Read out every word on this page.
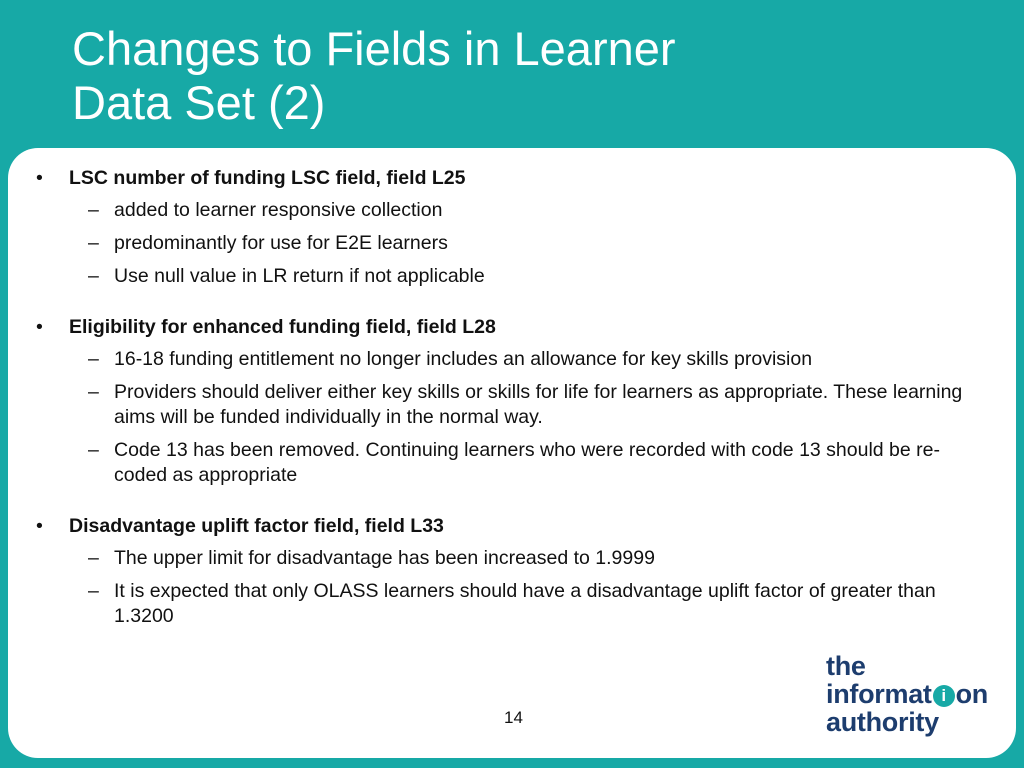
Changes to Fields in Learner
Data Set (2)
• LSC number of funding LSC field, field L25
– added to learner responsive collection
– predominantly for use for E2E learners
– Use null value in LR return if not applicable
• Eligibility for enhanced funding field, field L28
– 16-18 funding entitlement no longer includes an allowance for key skills provision
– Providers should deliver either key skills or skills for life for learners as appropriate. These learning aims will be funded individually in the normal way.
– Code 13 has been removed. Continuing learners who were recorded with code 13 should be re-coded as appropriate
• Disadvantage uplift factor field, field L33
– The upper limit for disadvantage has been increased to 1.9999
– It is expected that only OLASS learners should have a disadvantage uplift factor of greater than 1.3200
14
the
informat i on
authority
